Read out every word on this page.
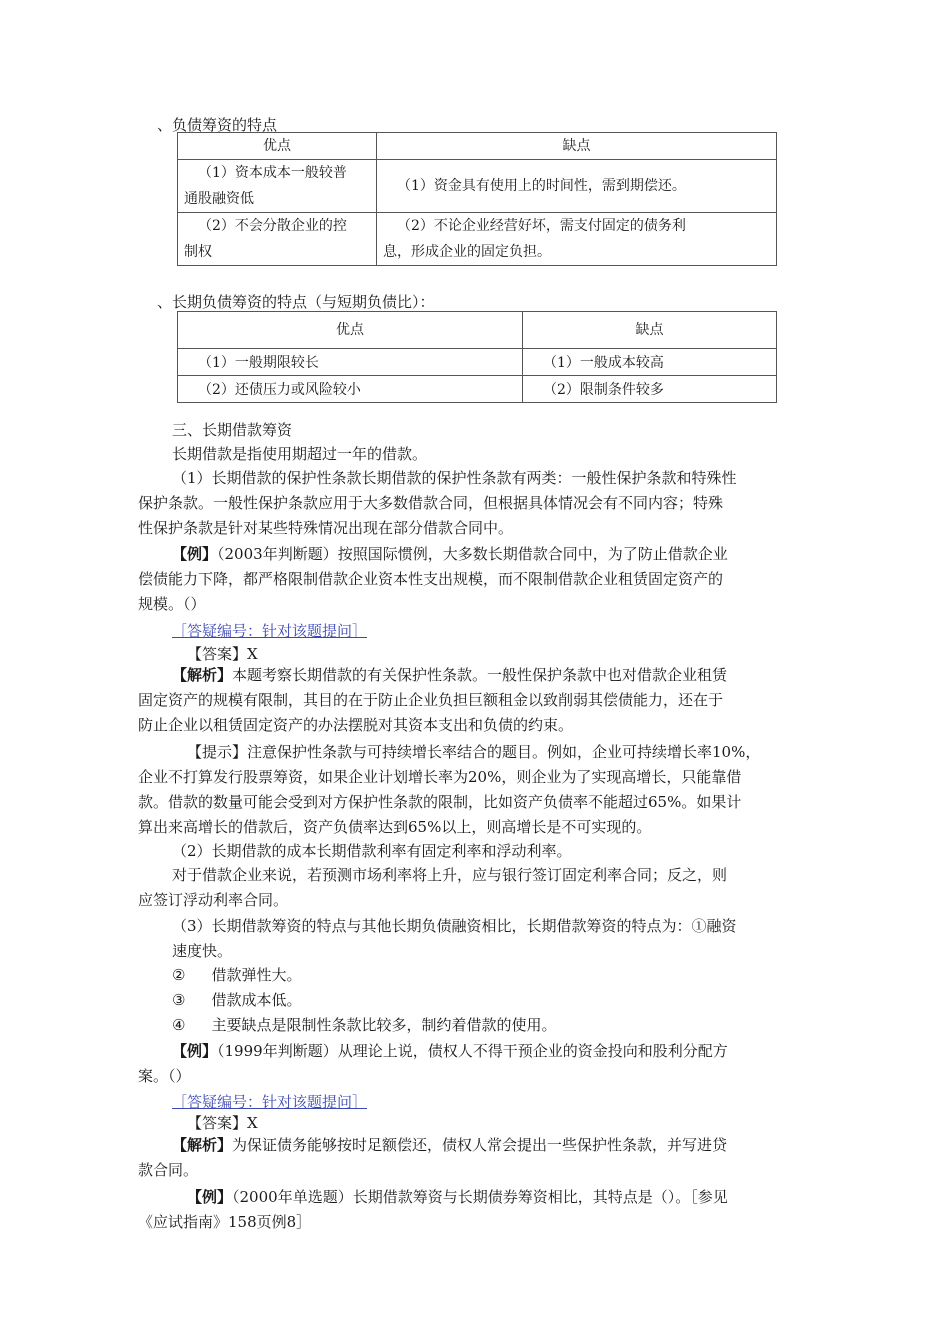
、负债筹资的特点
优点	缺点

（1）资本成本一般较普
通股融资低	（1）资金具有使用上的时间性，需到期偿还。

（2）不会分散企业的控
制权	（2）不论企业经营好坏，需支付固定的债务利
息，形成企业的固定负担。
、长期负债筹资的特点（与短期负债比）：
优点	缺点
（1）一般期限较长	（1）一般成本较高
（2）还债压力或风险较小	（2）限制条件较多
三、长期借款筹资
长期借款是指使用期超过一年的借款。
（1）长期借款的保护性条款长期借款的保护性条款有两类：一般性保护条款和特殊性
保护条款。一般性保护条款应用于大多数借款合同，但根据具体情况会有不同内容；特殊
性保护条款是针对某些特殊情况出现在部分借款合同中。
【例】（2003年判断题）按照国际惯例，大多数长期借款合同中，为了防止借款企业
偿债能力下降，都严格限制借款企业资本性支出规模，而不限制借款企业租赁固定资产的
规模。（）
［答疑编号：针对该题提问］
【答案】X
【解析】本题考察长期借款的有关保护性条款。一般性保护条款中也对借款企业租赁
固定资产的规模有限制，其目的在于防止企业负担巨额租金以致削弱其偿债能力，还在于
防止企业以租赁固定资产的办法摆脱对其资本支出和负债的约束。
【提示】注意保护性条款与可持续增长率结合的题目。例如，企业可持续增长率10%，
企业不打算发行股票筹资，如果企业计划增长率为20%，则企业为了实现高增长，只能靠借
款。借款的数量可能会受到对方保护性条款的限制，比如资产负债率不能超过65%。如果计
算出来高增长的借款后，资产负债率达到65%以上，则高增长是不可实现的。
（2）长期借款的成本长期借款利率有固定利率和浮动利率。
对于借款企业来说，若预测市场利率将上升，应与银行签订固定利率合同；反之，则
应签订浮动利率合同。
（3）长期借款筹资的特点与其他长期负债融资相比，长期借款筹资的特点为：①融资
速度快。
② 借款弹性大。
③ 借款成本低。
④ 主要缺点是限制性条款比较多，制约着借款的使用。
【例】（1999年判断题）从理论上说，债权人不得干预企业的资金投向和股利分配方
案。（）
［答疑编号：针对该题提问］
【答案】X
【解析】为保证债务能够按时足额偿还，债权人常会提出一些保护性条款，并写进贷
款合同。
【例】（2000年单选题）长期借款筹资与长期债券筹资相比，其特点是（）。［参见
《应试指南》158页例8］
